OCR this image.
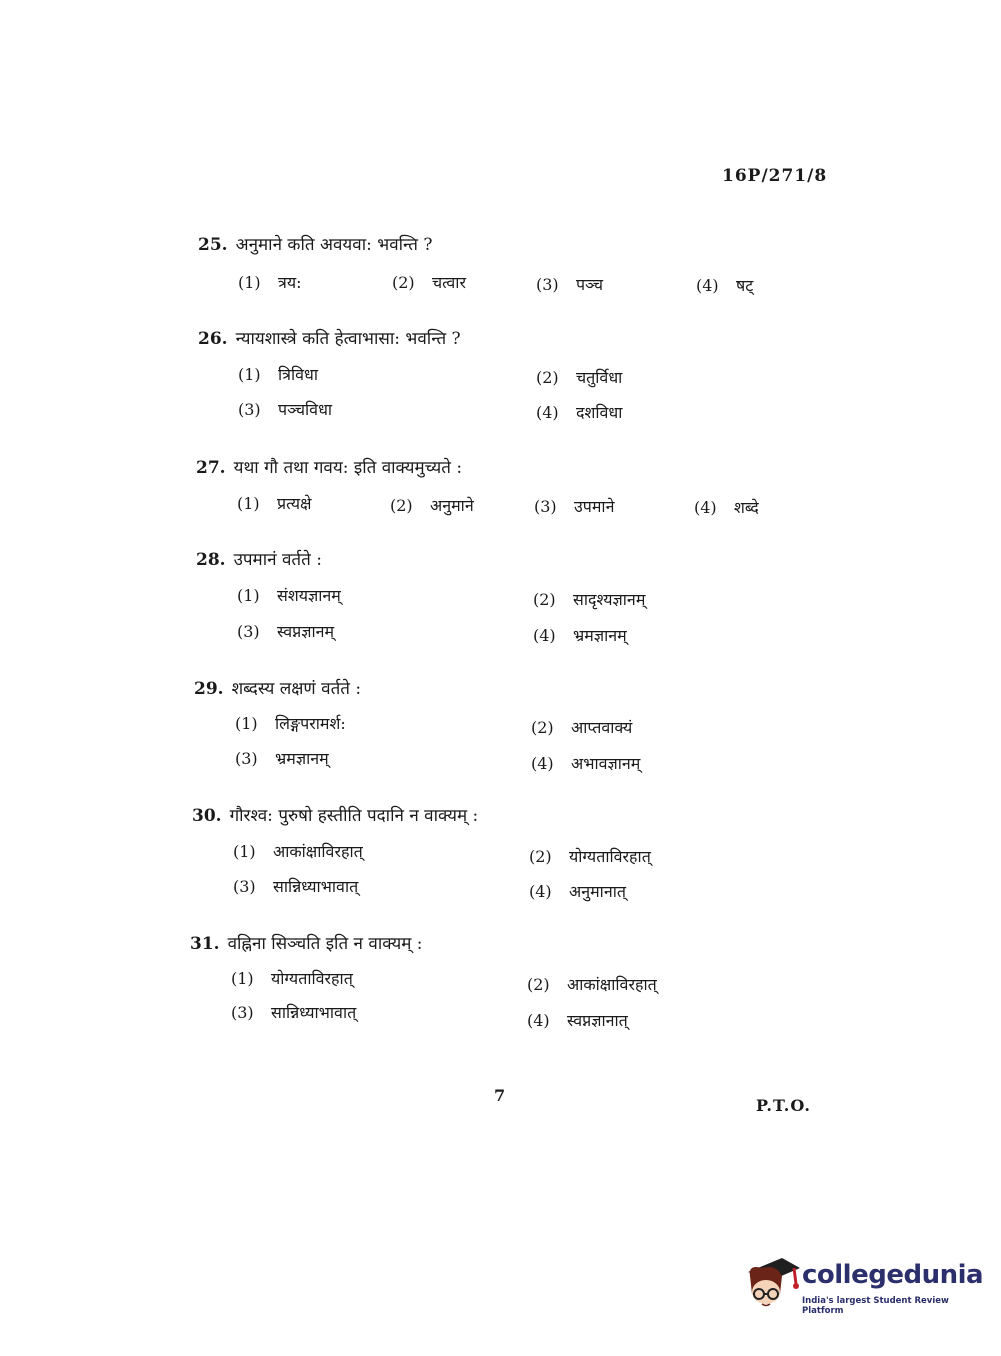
16P/271/8
25. अनुमाने कति अवयवा: भवन्ति ?
(1) त्रय:	(2) चत्वार	(3) पञ्च	(4) षट्
26. न्यायशास्त्रे कति हेत्वाभासा: भवन्ति ?
(1) त्रिविधा	(2) चतुर्विधा
(3) पञ्चविधा	(4) दशविधा
27. यथा गौ तथा गवय: इति वाक्यमुच्यते :
(1) प्रत्यक्षे	(2) अनुमाने	(3) उपमाने	(4) शब्दे
28. उपमानं वर्तते :
(1) संशयज्ञानम्	(2) सादृश्यज्ञानम्
(3) स्वप्नज्ञानम्	(4) भ्रमज्ञानम्
29. शब्दस्य लक्षणं वर्तते :
(1) लिङ्गपरामर्श:	(2) आप्तवाक्यं
(3) भ्रमज्ञानम्	(4) अभावज्ञानम्
30. गौरश्व: पुरुषो हस्तीति पदानि न वाक्यम् :
(1) आकांक्षाविरहात्	(2) योग्यताविरहात्
(3) सान्निध्याभावात्	(4) अनुमानात्
31. वह्निना सिञ्चति इति न वाक्यम् :
(1) योग्यताविरहात्	(2) आकांक्षाविरहात्
(3) सान्निध्याभावात्	(4) स्वप्नज्ञानात्
7
P.T.O.
collegedunia
India's largest Student Review Platform
